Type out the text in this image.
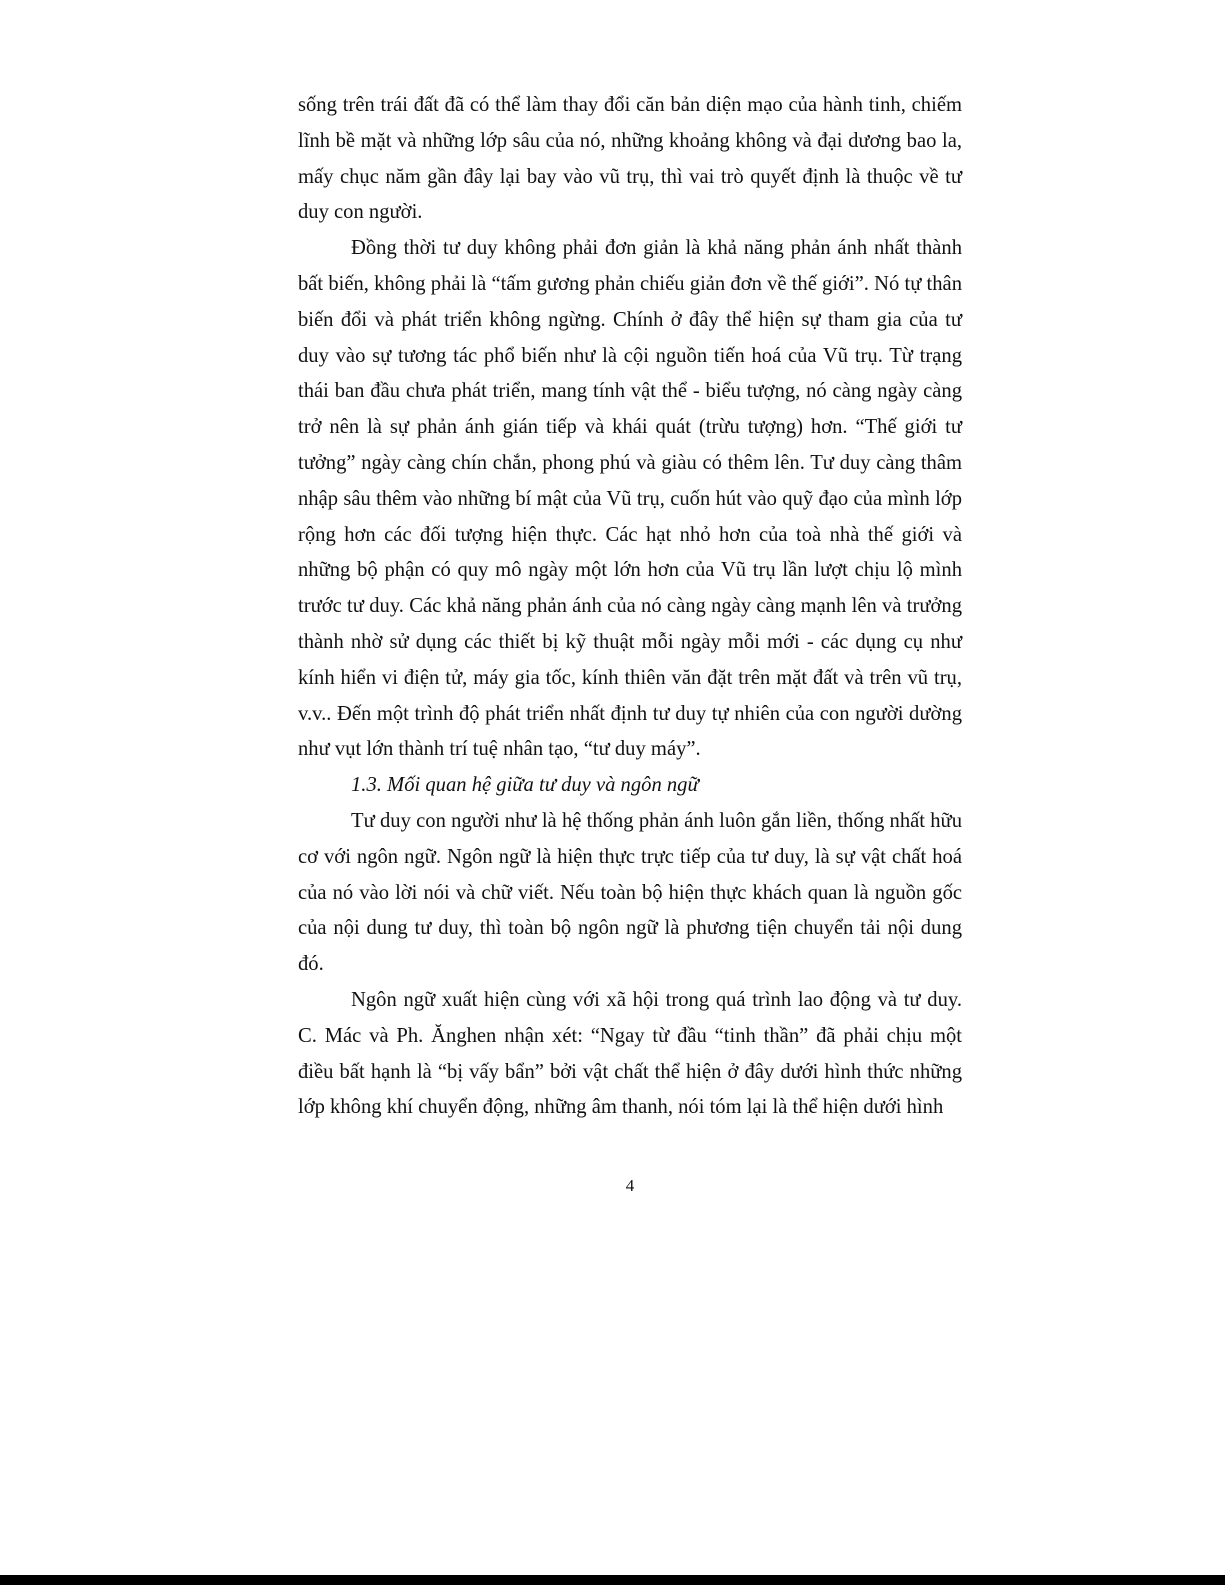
sống trên trái đất đã có thể làm thay đổi căn bản diện mạo của hành tinh, chiếm lĩnh bề mặt và những lớp sâu của nó, những khoảng không và đại dương bao la, mấy chục năm gần đây lại bay vào vũ trụ, thì vai trò quyết định là thuộc về tư duy con người.

Đồng thời tư duy không phải đơn giản là khả năng phản ánh nhất thành bất biến, không phải là “tấm gương phản chiếu giản đơn về thế giới”. Nó tự thân biến đổi và phát triển không ngừng. Chính ở đây thể hiện sự tham gia của tư duy vào sự tương tác phổ biến như là cội nguồn tiến hoá của Vũ trụ. Từ trạng thái ban đầu chưa phát triển, mang tính vật thể - biểu tượng, nó càng ngày càng trở nên là sự phản ánh gián tiếp và khái quát (trừu tượng) hơn. “Thế giới tư tưởng” ngày càng chín chắn, phong phú và giàu có thêm lên. Tư duy càng thâm nhập sâu thêm vào những bí mật của Vũ trụ, cuốn hút vào quỹ đạo của mình lớp rộng hơn các đối tượng hiện thực. Các hạt nhỏ hơn của toà nhà thế giới và những bộ phận có quy mô ngày một lớn hơn của Vũ trụ lần lượt chịu lộ mình trước tư duy. Các khả năng phản ánh của nó càng ngày càng mạnh lên và trưởng thành nhờ sử dụng các thiết bị kỹ thuật mỗi ngày mỗi mới - các dụng cụ như kính hiển vi điện tử, máy gia tốc, kính thiên văn đặt trên mặt đất và trên vũ trụ, v.v.. Đến một trình độ phát triển nhất định tư duy tự nhiên của con người dường như vụt lớn thành trí tuệ nhân tạo, “tư duy máy”.

1.3. Mối quan hệ giữa tư duy và ngôn ngữ

Tư duy con người như là hệ thống phản ánh luôn gắn liền, thống nhất hữu cơ với ngôn ngữ. Ngôn ngữ là hiện thực trực tiếp của tư duy, là sự vật chất hoá của nó vào lời nói và chữ viết. Nếu toàn bộ hiện thực khách quan là nguồn gốc của nội dung tư duy, thì toàn bộ ngôn ngữ là phương tiện chuyển tải nội dung đó.

Ngôn ngữ xuất hiện cùng với xã hội trong quá trình lao động và tư duy. C. Mác và Ph. Ănghen nhận xét: “Ngay từ đầu “tinh thần” đã phải chịu một điều bất hạnh là “bị vấy bẩn” bởi vật chất thể hiện ở đây dưới hình thức những lớp không khí chuyển động, những âm thanh, nói tóm lại là thể hiện dưới hình

4
